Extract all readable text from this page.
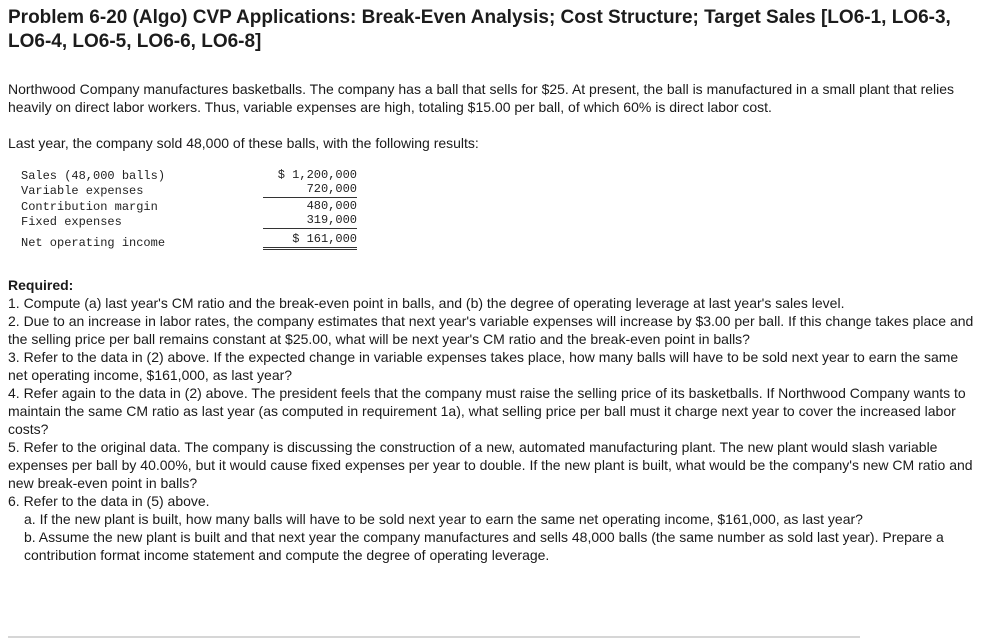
Problem 6-20 (Algo) CVP Applications: Break-Even Analysis; Cost Structure; Target Sales [LO6-1, LO6-3, LO6-4, LO6-5, LO6-6, LO6-8]

Northwood Company manufactures basketballs. The company has a ball that sells for $25. At present, the ball is manufactured in a small plant that relies heavily on direct labor workers. Thus, variable expenses are high, totaling $15.00 per ball, of which 60% is direct labor cost.

Last year, the company sold 48,000 of these balls, with the following results:

Sales (48,000 balls)	$ 1,200,000
Variable expenses	720,000
Contribution margin	480,000
Fixed expenses	319,000
Net operating income	$ 161,000
Required:

1. Compute (a) last year's CM ratio and the break-even point in balls, and (b) the degree of operating leverage at last year's sales level.

2. Due to an increase in labor rates, the company estimates that next year's variable expenses will increase by $3.00 per ball. If this change takes place and the selling price per ball remains constant at $25.00, what will be next year's CM ratio and the break-even point in balls?

3. Refer to the data in (2) above. If the expected change in variable expenses takes place, how many balls will have to be sold next year to earn the same net operating income, $161,000, as last year?

4. Refer again to the data in (2) above. The president feels that the company must raise the selling price of its basketballs. If Northwood Company wants to maintain the same CM ratio as last year (as computed in requirement 1a), what selling price per ball must it charge next year to cover the increased labor costs?

5. Refer to the original data. The company is discussing the construction of a new, automated manufacturing plant. The new plant would slash variable expenses per ball by 40.00%, but it would cause fixed expenses per year to double. If the new plant is built, what would be the company's new CM ratio and new break-even point in balls?

6. Refer to the data in (5) above.

a. If the new plant is built, how many balls will have to be sold next year to earn the same net operating income, $161,000, as last year?

b. Assume the new plant is built and that next year the company manufactures and sells 48,000 balls (the same number as sold last year). Prepare a contribution format income statement and compute the degree of operating leverage.
